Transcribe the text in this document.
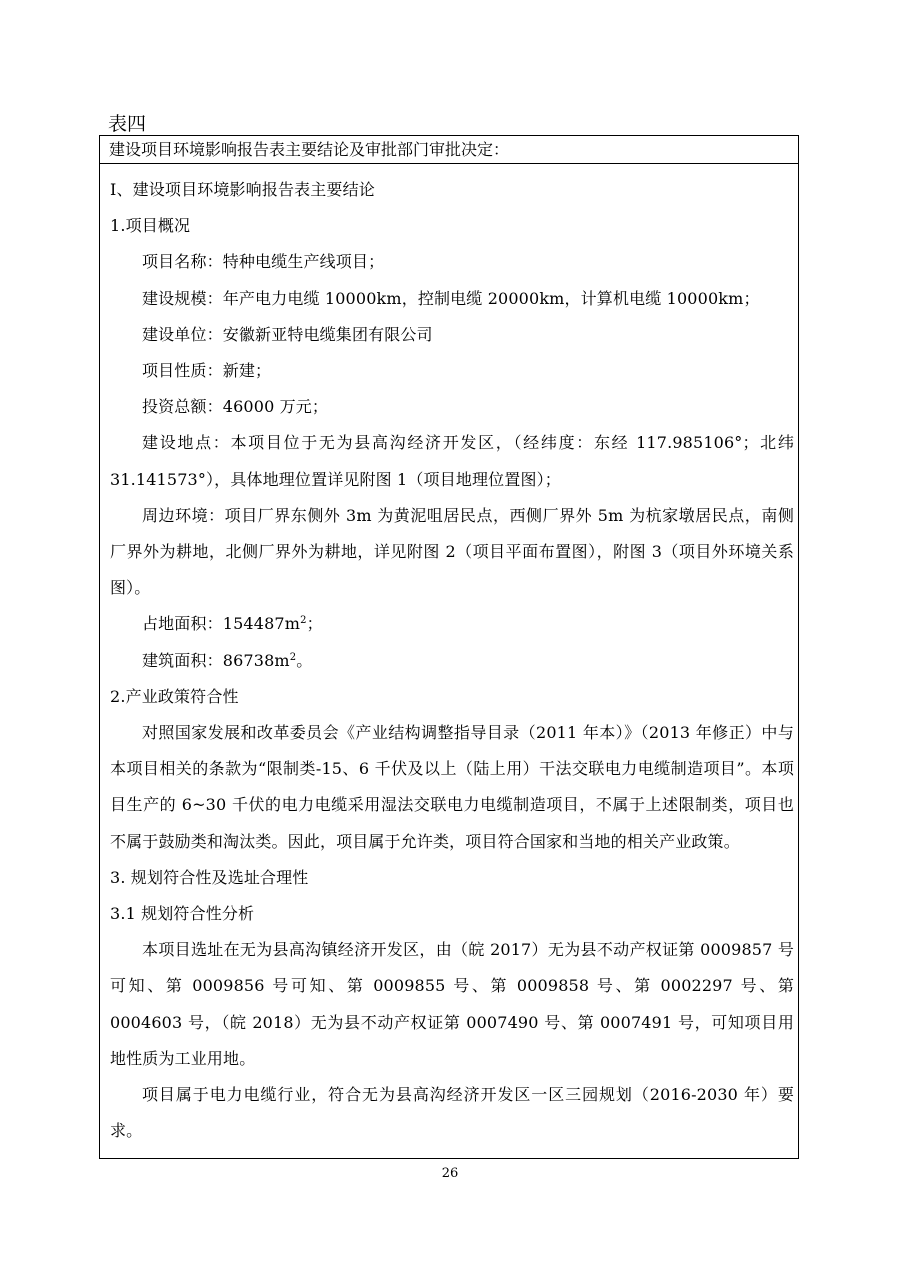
表四
建设项目环境影响报告表主要结论及审批部门审批决定：

Ⅰ、建设项目环境影响报告表主要结论

1.项目概况

项目名称：特种电缆生产线项目；

建设规模：年产电力电缆 10000km，控制电缆 20000km，计算机电缆 10000km；

建设单位：安徽新亚特电缆集团有限公司

项目性质：新建；

投资总额：46000 万元；

建设地点：本项目位于无为县高沟经济开发区，（经纬度：东经 117.985106°；北纬 31.141573°），具体地理位置详见附图 1（项目地理位置图）；

周边环境：项目厂界东侧外 3m 为黄泥咀居民点，西侧厂界外 5m 为杭家墩居民点，南侧厂界外为耕地，北侧厂界外为耕地，详见附图 2（项目平面布置图），附图 3（项目外环境关系图）。

占地面积：$154487m^2$；

建筑面积：$86738m^2$。

2.产业政策符合性

对照国家发展和改革委员会《产业结构调整指导目录（2011 年本）》（2013 年修正）中与本项目相关的条款为“限制类-15、6 千伏及以上（陆上用）干法交联电力电缆制造项目”。本项目生产的 6~30 千伏的电力电缆采用湿法交联电力电缆制造项目，不属于上述限制类，项目也不属于鼓励类和淘汰类。因此，项目属于允许类，项目符合国家和当地的相关产业政策。

3. 规划符合性及选址合理性

3.1 规划符合性分析

本项目选址在无为县高沟镇经济开发区，由（皖 2017）无为县不动产权证第 0009857 号可知、第 0009856 号可知、第 0009855 号、第 0009858 号、第 0002297 号、第 0004603 号，（皖 2018）无为县不动产权证第 0007490 号、第 0007491 号，可知项目用地性质为工业用地。

项目属于电力电缆行业，符合无为县高沟经济开发区一区三园规划（2016-2030 年）要求。

26
